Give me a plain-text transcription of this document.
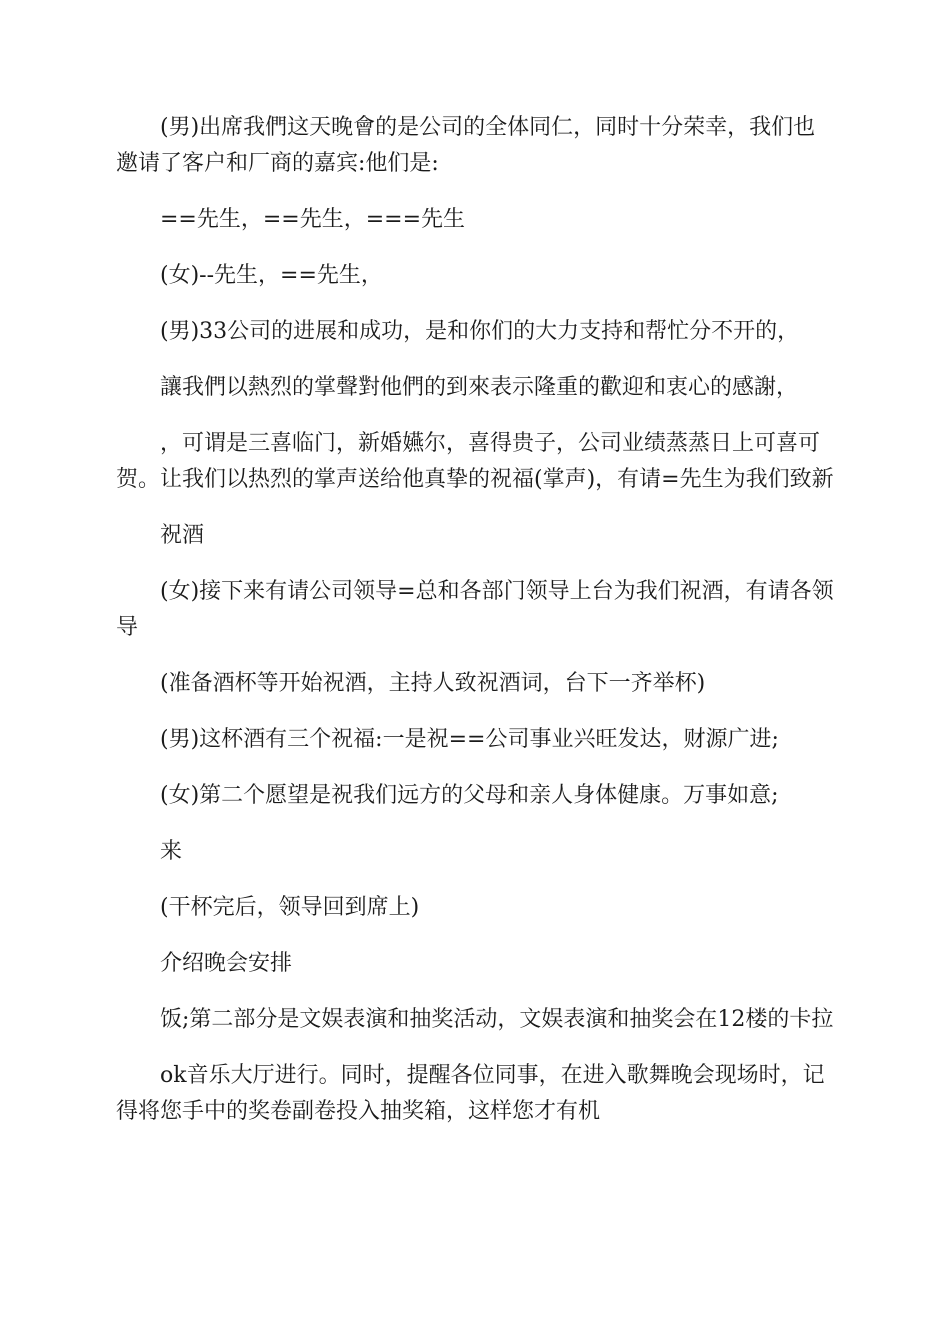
(男)出席我們这天晚會的是公司的全体同仁，同时十分荣幸，我们也邀请了客户和厂商的嘉宾:他们是:

==先生，==先生，===先生

(女)--先生，==先生，

(男)33公司的进展和成功，是和你们的大力支持和帮忙分不开的，

讓我們以熱烈的掌聲對他們的到來表示隆重的歡迎和衷心的感謝，

，可谓是三喜临门，新婚嬿尔，喜得贵子，公司业绩蒸蒸日上可喜可贺。让我们以热烈的掌声送给他真挚的祝福(掌声)，有请=先生为我们致新

祝酒

(女)接下来有请公司领导=总和各部门领导上台为我们祝酒，有请各领导

(准备酒杯等开始祝酒，主持人致祝酒词，台下一齐举杯)

(男)这杯酒有三个祝福:一是祝==公司事业兴旺发达，财源广进;

(女)第二个愿望是祝我们远方的父母和亲人身体健康。万事如意;

来

(干杯完后，领导回到席上)

介绍晚会安排

饭;第二部分是文娱表演和抽奖活动，文娱表演和抽奖会在12楼的卡拉

ok音乐大厅进行。同时，提醒各位同事，在进入歌舞晚会现场时，记得将您手中的奖卷副卷投入抽奖箱，这样您才有机
